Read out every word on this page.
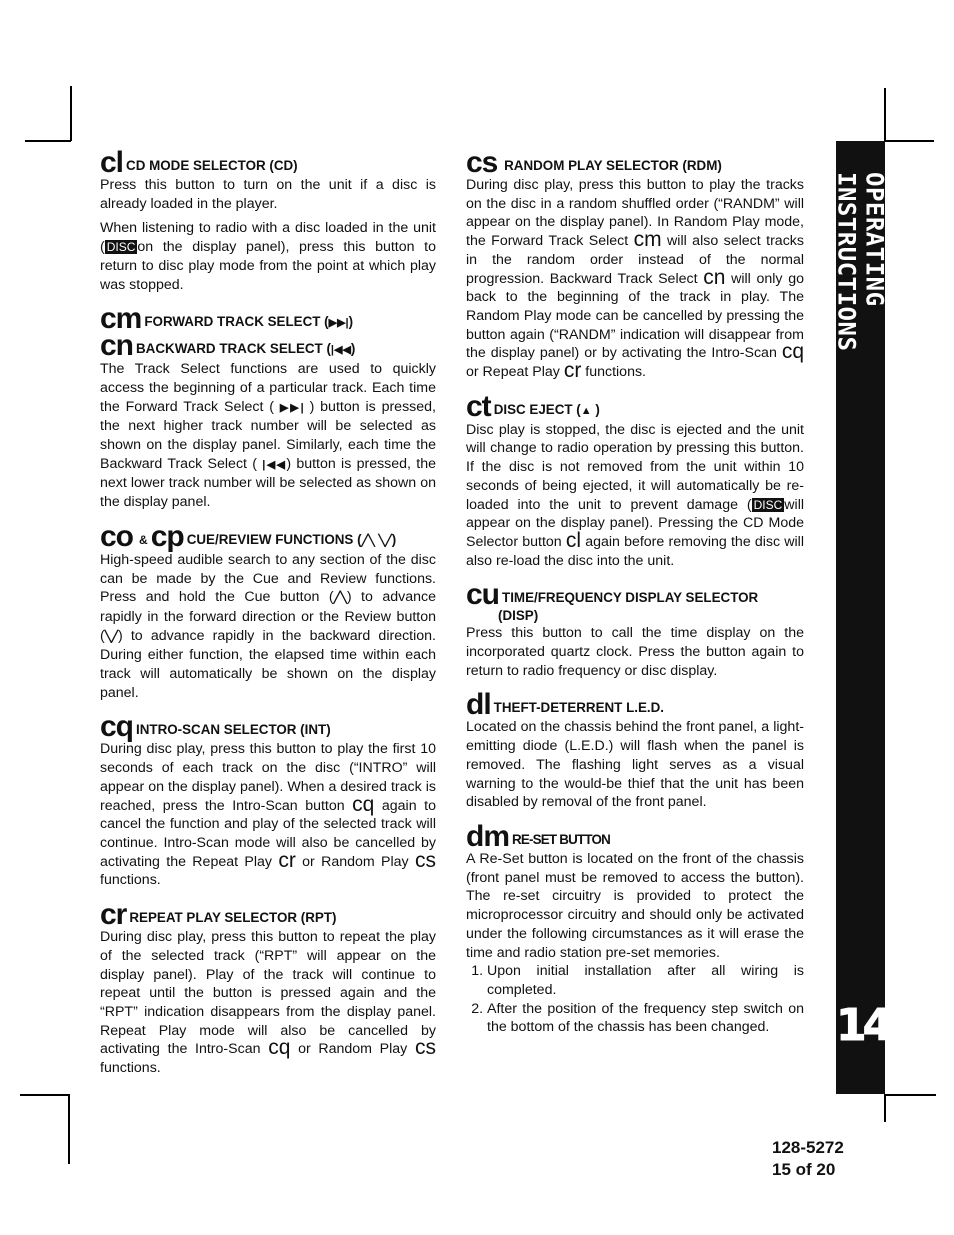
OPERATING INSTRUCTIONS
14
cl CD MODE SELECTOR (CD)

Press this button to turn on the unit if a disc is already loaded in the player.

When listening to radio with a disc loaded in the unit ( DISC on the display panel), press this button to return to disc play mode from the point at which play was stopped.

cm FORWARD TRACK SELECT (▶▶|)
cn BACKWARD TRACK SELECT (|◀◀)

The Track Select functions are used to quickly access the beginning of a particular track. Each time the Forward Track Select ( ▶▶| ) button is pressed, the next higher track number will be selected as shown on the display panel. Similarly, each time the Backward Track Select ( |◀◀) button is pressed, the next lower track number will be selected as shown on the display panel.

co & cp CUE/REVIEW FUNCTIONS (╱╲ ╲╱)

High-speed audible search to any section of the disc can be made by the Cue and Review functions. Press and hold the Cue button (╱╲) to advance rapidly in the forward direction or the Review button (╲╱) to advance rapidly in the backward direction. During either function, the elapsed time within each track will automatically be shown on the display panel.

cq INTRO-SCAN SELECTOR (INT)

During disc play, press this button to play the first 10 seconds of each track on the disc (“INTRO” will appear on the display panel). When a desired track is reached, press the Intro-Scan button cq again to cancel the function and play of the selected track will continue. Intro-Scan mode will also be cancelled by activating the Repeat Play cr or Random Play cs functions.

cr REPEAT PLAY SELECTOR (RPT)

During disc play, press this button to repeat the play of the selected track (“RPT” will appear on the display panel). Play of the track will continue to repeat until the button is pressed again and the “RPT” indication disappears from the display panel. Repeat Play mode will also be cancelled by activating the Intro-Scan cq or Random Play cs functions.

cs RANDOM PLAY SELECTOR (RDM)

During disc play, press this button to play the tracks on the disc in a random shuffled order (“RANDM” will appear on the display panel). In Random Play mode, the Forward Track Select cm will also select tracks in the random order instead of the normal progression. Backward Track Select cn will only go back to the beginning of the track in play. The Random Play mode can be cancelled by pressing the button again (“RANDM” indication will disappear from the display panel) or by activating the Intro-Scan cq or Repeat Play cr functions.

ct DISC EJECT (▲ )

Disc play is stopped, the disc is ejected and the unit will change to radio operation by pressing this button. If the disc is not removed from the unit within 10 seconds of being ejected, it will automatically be re-loaded into the unit to prevent damage ( DISC will appear on the display panel). Pressing the CD Mode Selector button cl again before removing the disc will also re-load the disc into the unit.

cu TIME/FREQUENCY DISPLAY SELECTOR
(DISP)

Press this button to call the time display on the incorporated quartz clock. Press the button again to return to radio frequency or disc display.

dl THEFT-DETERRENT L.E.D.

Located on the chassis behind the front panel, a light-emitting diode (L.E.D.) will flash when the panel is removed. The flashing light serves as a visual warning to the would-be thief that the unit has been disabled by removal of the front panel.

dm RE-SET BUTTON

A Re-Set button is located on the front of the chassis (front panel must be removed to access the button). The re-set circuitry is provided to protect the microprocessor circuitry and should only be activated under the following circumstances as it will erase the time and radio station pre-set memories.

1. Upon initial installation after all wiring is completed.
2. After the position of the frequency step switch on the bottom of the chassis has been changed.
128-5272
15 of 20
